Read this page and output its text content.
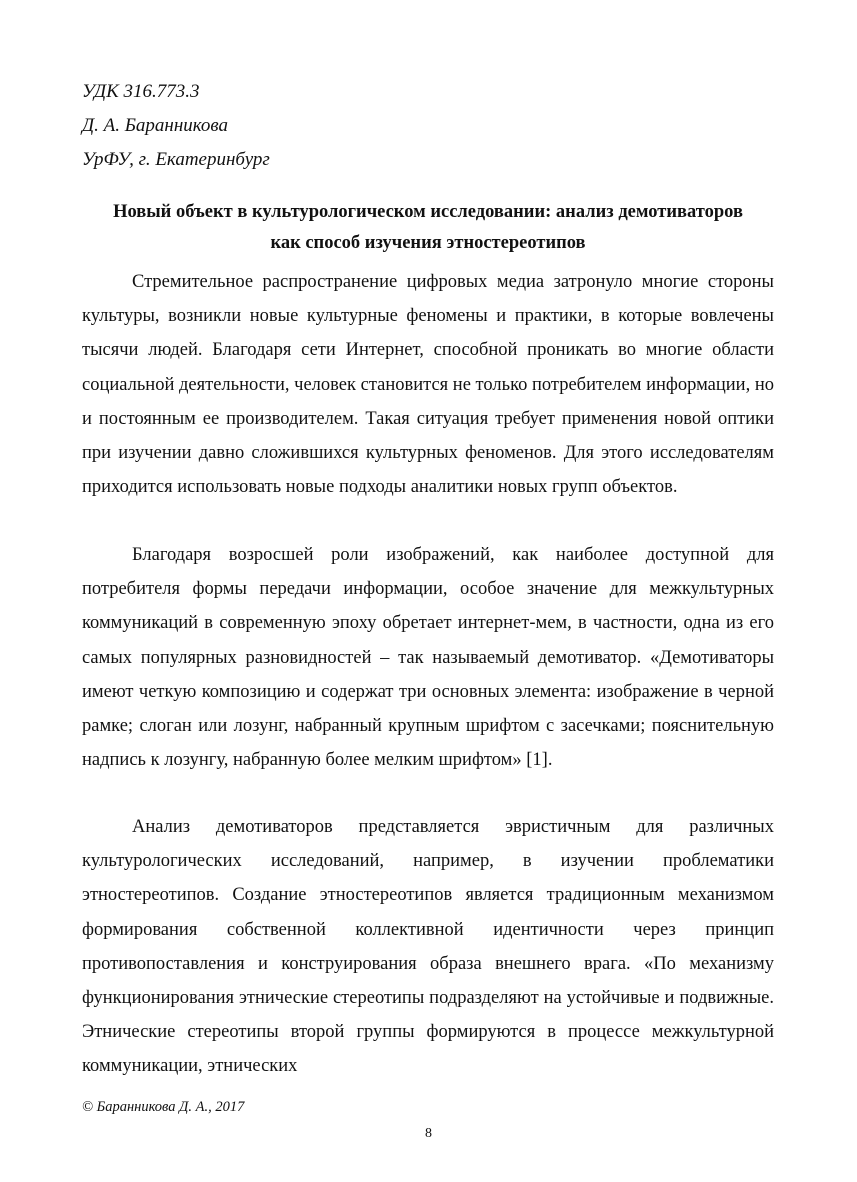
УДК 316.773.3
Д. А. Баранникова
УрФУ, г. Екатеринбург
Новый объект в культурологическом исследовании: анализ демотиваторов
как способ изучения этностереотипов

Стремительное распространение цифровых медиа затронуло многие стороны культуры, возникли новые культурные феномены и практики, в которые вовлечены тысячи людей. Благодаря сети Интернет, способной проникать во многие области социальной деятельности, человек становится не только потребителем информации, но и постоянным ее производителем. Такая ситуация требует применения новой оптики при изучении давно сложившихся культурных феноменов. Для этого исследователям приходится использовать новые подходы аналитики новых групп объектов.

Благодаря возросшей роли изображений, как наиболее доступной для потребителя формы передачи информации, особое значение для межкультурных коммуникаций в современную эпоху обретает интернет-мем, в частности, одна из его самых популярных разновидностей – так называемый демотиватор. «Демотиваторы имеют четкую композицию и содержат три основных элемента: изображение в черной рамке; слоган или лозунг, набранный крупным шрифтом с засечками; пояснительную надпись к лозунгу, набранную более мелким шрифтом» [1].

Анализ демотиваторов представляется эвристичным для различных культурологических исследований, например, в изучении проблематики этностереотипов. Создание этностереотипов является традиционным механизмом формирования собственной коллективной идентичности через принцип противопоставления и конструирования образа внешнего врага. «По механизму функционирования этнические стереотипы подразделяют на устойчивые и подвижные. Этнические стереотипы второй группы формируются в процессе межкультурной коммуникации, этнических

© Баранникова Д. А., 2017
8
